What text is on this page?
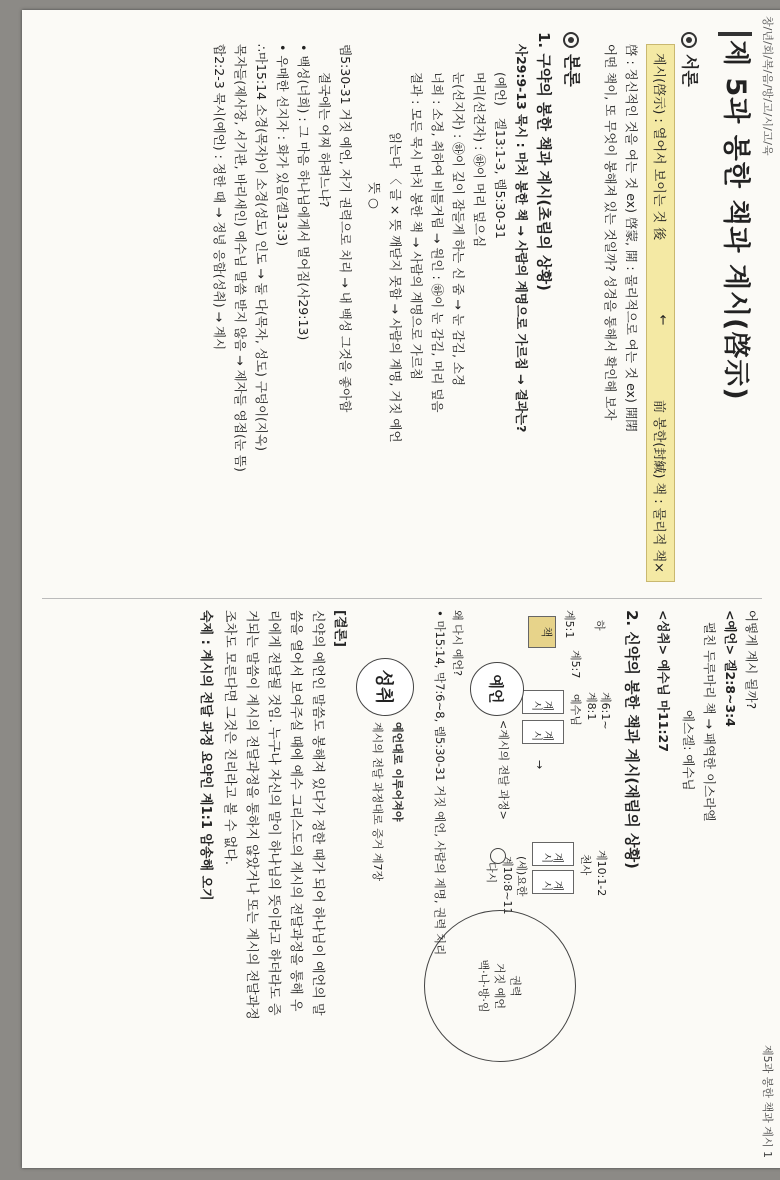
창/년/회/복/음/방/고/시/고/육
제5과 봉한 책과 계시 1
제 5과 봉한 책과 계시(啓示)
서론
계시(啓示) : 열어서 보이는 것 後
←
前 봉한(封緘) 책 : 물리적 책×
啓 : 정신적인 것을 여는 것 ex) 啓蒙, 開 : 물리적으로 여는 것 ex) 開閉
어떤 책이, 또 무엇이 봉해져 있는 것일까? 성경을 통해서 확인해 보자
본론
1. 구약의 봉한 책과 계시(초림의 상황)
사29:9-13 묵시 : 마치 봉한 책 → 사람의 계명으로 가르침 → 결과는?
(예언)   겔13:1-3, 렘5:30-31
머리(선견자) : ㉻이 머리 덮으심
눈(선지자) : ㉻이 깊이 잠들게 하는 신 줌 → 눈 감김, 소경
너희 : 소경, 취하여 비틀거림 → 원인 : ㉻이 눈 감김, 머리 덮음
결과 : 모든 묵시 마치 봉한 책 → 사람의 계명으로 가르침
읽는다 〈 글 × 뜻 깨닫지 못함 → 사람의 계명, 거짓 예언
뜻 ○
렘5:30-31 거짓 예언, 자기 권력으로 치리 → 내 백성 그것을 좋아함
결국에는 어찌 하려느냐?
• 백성(너희) : 그 마음 하나님에게서 멀어짐(사29:13)
• 우매한 선지자 : 화가 있음(겔13:3)
∴마15:14 소경(목자)이 소경(성도) 인도 → 둘 다(목자, 성도) 구덩이(지옥)
목자들(제사장, 서기관, 바리새인) 예수님 말씀 받지 않음 → 제자들 영접(눈 뜸)
합2:2-3 묵시(예언) : 정한 때 → 정녕 응함(성취) → 계시
어떻게 계시 될까?
<예언> 겔2:8~3:4
펼친 두루마리 책 → 패역한 이스라엘
에스겔: 예수님
<성취> 예수님 마11:27
2. 신약의 봉한 책과 계시(재림의 상황)
하
계5:1
책
계5:7
계6:1~
계8:1
예수님
계시
계시
→
계10:1-2
천사
계시
계시
계10:8~11
다시
예언
<계시의 전달 과정>
(세)요한
권력
거짓 예언
백·나·방·임
왜 다시 예언?
• 마15:14, 막7:6~8, 렘5:30-31 거짓 예언, 사람의 계명, 권력 치리
성취
예언대로 이루어져야
계시의 전달 과정대로 증거 계7장
[결론]
신약의 예언인 말씀도 봉해져 있다가 정한 때가 되어 하나님이 예언의 말
씀을 열어서 보여주실 때에 예수 그리스도의 계시의 전달과정을 통해 우
리에게 전달될 것임. 누구나 자신의 말이 하나님의 뜻이라고 하더라도 증
거되는 말씀이 계시의 전달과정을 통하지 않았거나 또는 계시의 전달과정
조차도 모른다면 그것은 진리라고 볼 수 없다.
숙제 : 계시의 전달 과정 요약인 계1:1 암송해 오기
